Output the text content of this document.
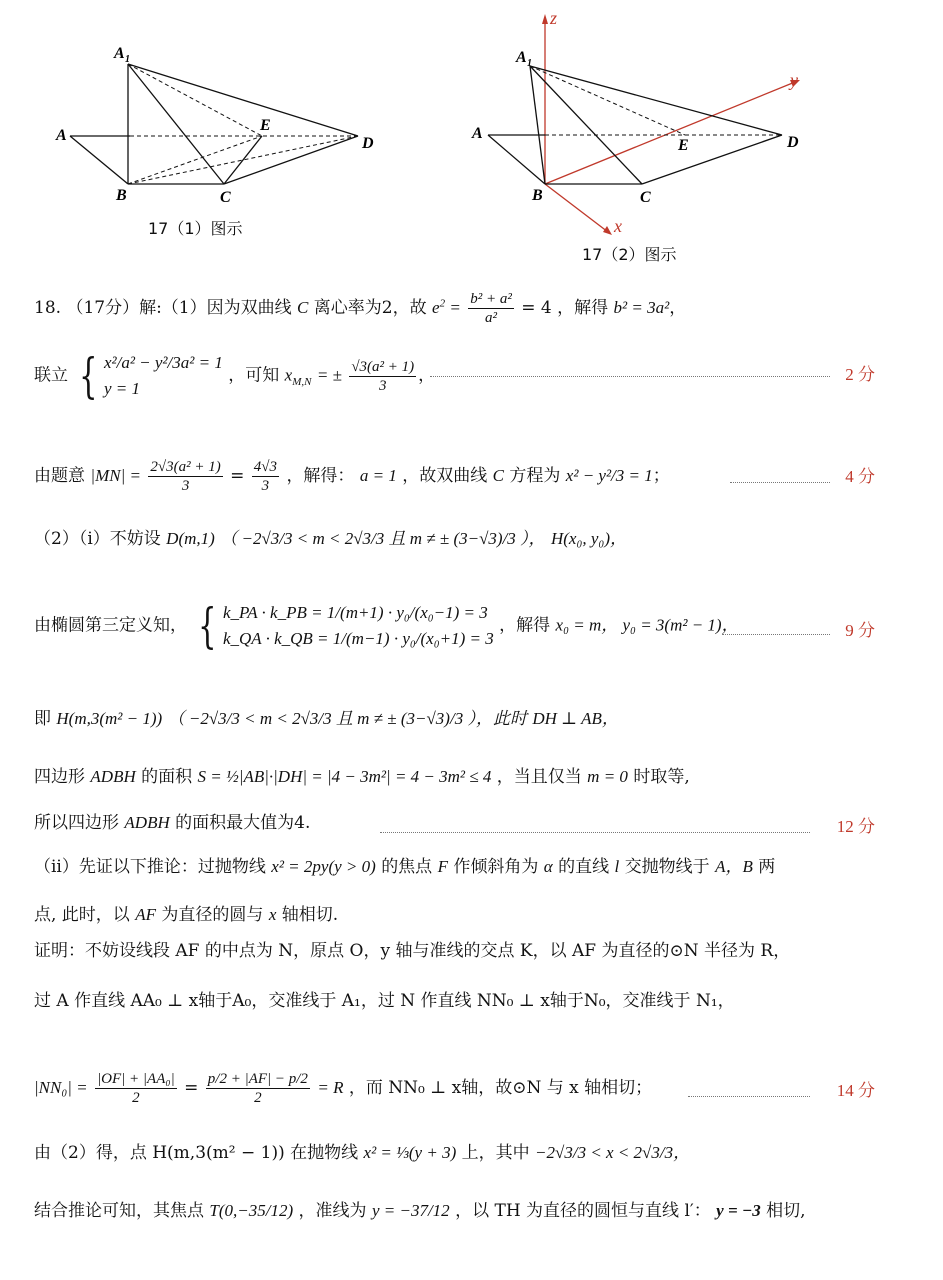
A 1
A
B	C
D
E
17（1）图示
z
y
x
A 1
A
B	C
D
E
17（2）图示
18. （17分）解:（1）因为双曲线 C 离心率为2，故 $e^2 = \frac{\text{b² + a²}}{\text{a²}} = 4$ ，解得 b² = 3a²，
联立 { x²/a² − y²/3a² = 1
y = 1
，可知 $x_{M,N}$ = ± $\frac{\text{√3(a² + 1)}}{3}$ ，	2 分
由题意 $|MN| = \frac{\text{2√3(a² + 1)}}{3} = \frac{4√3}{3}$ ，解得： a = 1 ，故双曲线 C 方程为 x² − y²/3 = 1；	4 分
（2）（i）不妨设 D(m,1) （ −2√3/3 < m < 2√3/3 且 m ≠ ± (3−√3)/3 ）， H(x₀, y₀)，
由椭圆第三定义知， { k_PA · k_PB = 1/(m+1) · y₀/(x₀−1) = 3
k_QA · k_QB = 1/(m−1) · y₀/(x₀+1) = 3
，解得 x₀ = m， y₀ = 3(m² − 1)，	9 分
即 H(m,3(m² − 1)) （ −2√3/3 < m < 2√3/3 且 m ≠ ± (3−√3)/3 ），此时 DH ⊥ AB，
四边形 ADBH 的面积 S = ½|AB|·|DH| = |4 − 3m²| = 4 − 3m² ≤ 4 ，当且仅当 m = 0 时取等,
所以四边形 ADBH 的面积最大值为4.	12 分
（ii）先证以下推论：过抛物线 x² = 2py(y > 0) 的焦点 F 作倾斜角为 α 的直线 l 交抛物线于 A，B 两
点, 此时，以 AF 为直径的圆与 x 轴相切.
证明：不妨设线段 AF 的中点为 N，原点 O，y 轴与准线的交点 K，以 AF 为直径的⊙N 半径为 R，
过 A 作直线 AA₀ ⊥ x轴于A₀，交准线于 A₁，过 N 作直线 NN₀ ⊥ x轴于N₀，交准线于 N₁，
$|NN_0| = \frac{\text{|OF| + |AA₀|}}{2} = \frac{p/2 + |AF| - p/2}{2} = R$ ，而 NN₀ ⊥ x轴，故⊙N 与 x 轴相切；	14 分
由（2）得，点 H(m,3(m² − 1)) 在抛物线 x² = ⅓(y + 3) 上，其中 −2√3/3 < x < 2√3/3，
结合推论可知，其焦点 T(0,−35/12) ，准线为 y = −37/12 ，以 TH 为直径的圆恒与直线 l′： y = −3 相切,
